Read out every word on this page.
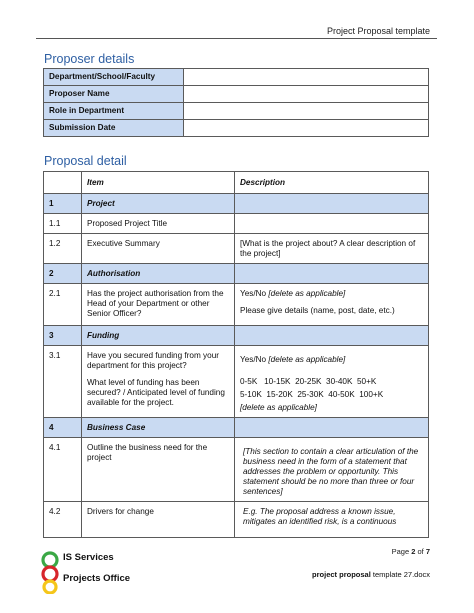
Project Proposal template
Proposer details
Department/School/Faculty	
Proposer Name	
Role in Department	
Submission Date	
Proposal detail
	Item	Description
1	Project	
1.1	Proposed Project Title	
1.2	Executive Summary	[What is the project about? A clear description of the project]
2	Authorisation	
2.1	Has the project authorisation from the Head of your Department or other Senior Officer?	Yes/No [delete as applicable]
Please give details (name, post, date, etc.)

3	Funding	
3.1	Have you secured funding from your department for this project?
What level of funding has been secured? / Anticipated level of funding available for the project.	Yes/No [delete as applicable]
0-5K   10-15K  20-25K  30-40K  50+K
5-10K  15-20K  25-30K  40-50K  100+K
[delete as applicable]

4	Business Case	
4.1	Outline the business need for the project	[This section to contain a clear articulation of the business need in the form of a statement that addresses the problem or opportunity. This statement should be no more than three or four sentences]

4.2	Drivers for change	E.g. The proposal address a known issue, mitigates an identified risk, is a continuous
Page 2 of 7
IS Services
Projects Office	project proposal template 27.docx
